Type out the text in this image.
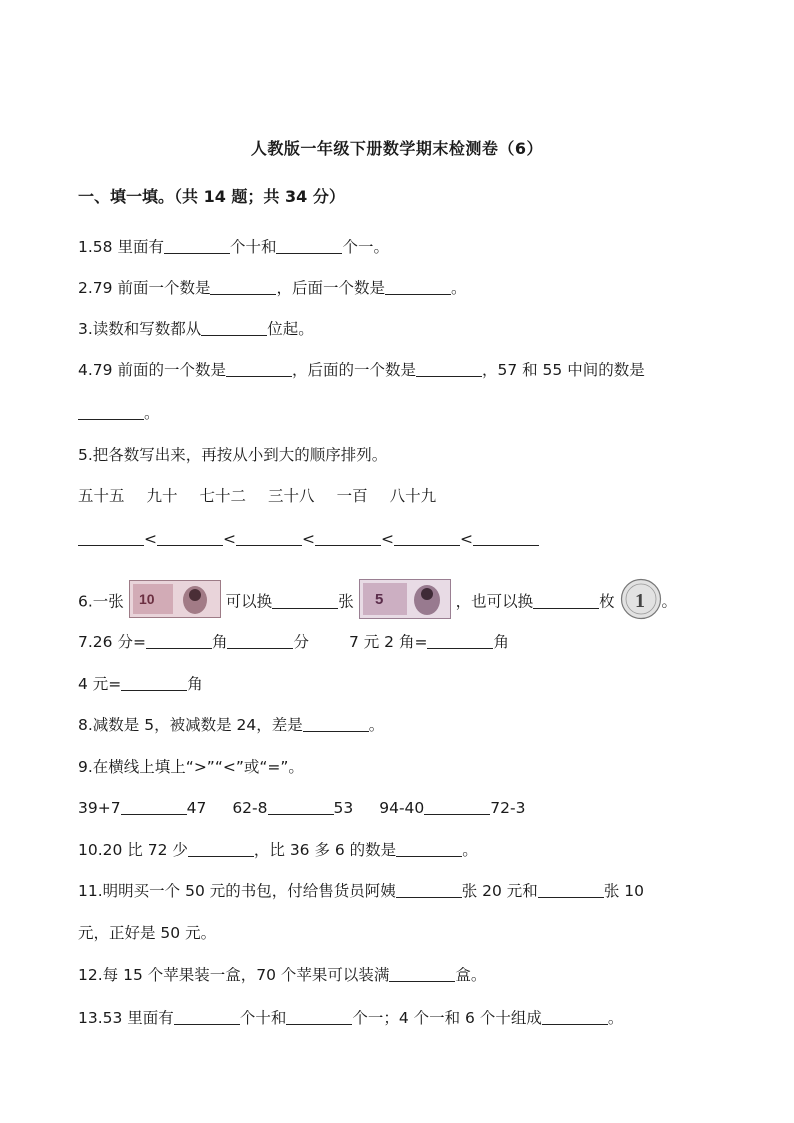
人教版一年级下册数学期末检测卷（6）
一、填一填。（共 14 题；共 34 分）
1.58 里面有	个十和	个一。
2.79 前面一个数是	，后面一个数是	。
3.读数和写数都从	位起。
4.79 前面的一个数是	，后面的一个数是	，57 和 55 中间的数是
。
5.把各数写出来，再按从小到大的顺序排列。
五十五 九十 七十二 三十八 一百 八十九
<	<	<	<	<
6.一张 10	可以换	张 5	，也可以换	枚 1 。
7.26 分=	角	分	7 元 2 角=	角
4 元=	角
8.减数是 5，被减数是 24，差是	。
9.在横线上填上“>”“<”或“=”。
39+7	47 62-8	53 94-40	72-3
10.20 比 72 少	，比 36 多 6 的数是	。
11.明明买一个 50 元的书包，付给售货员阿姨	张 20 元和	张 10
元，正好是 50 元。
12.每 15 个苹果装一盒，70 个苹果可以装满	盒。
13.53 里面有	个十和	个一；4 个一和 6 个十组成	。
